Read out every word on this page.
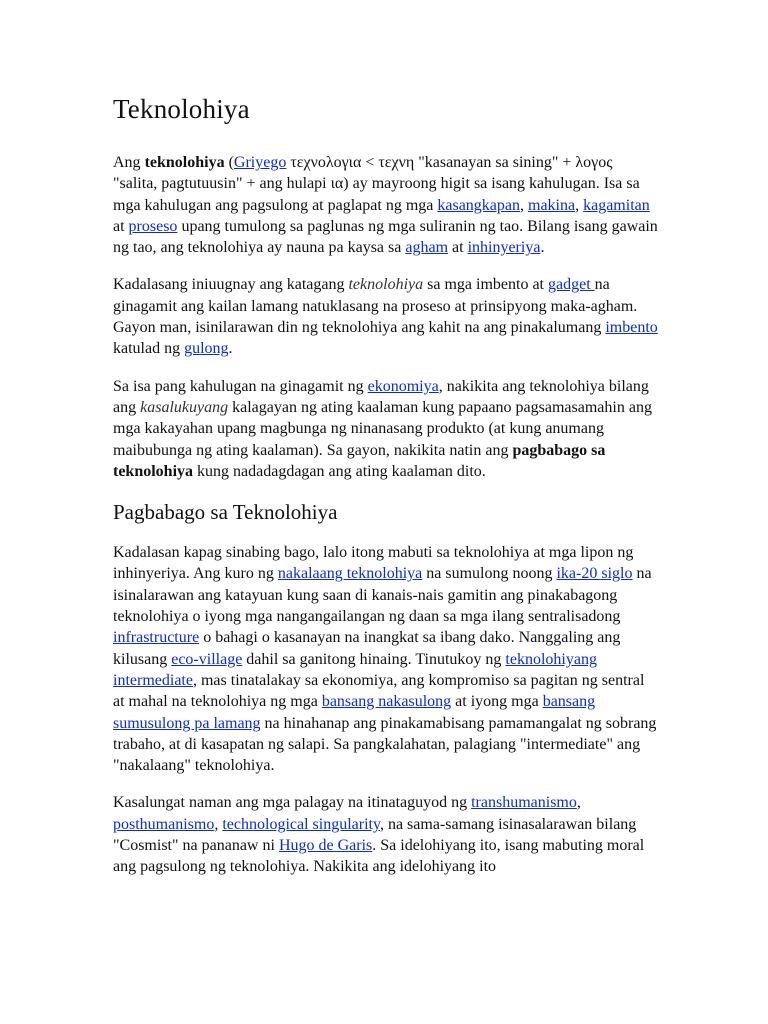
Teknolohiya

Ang teknolohiya (Griyego τεχνολογια < τεχνη "kasanayan sa sining" + λογος "salita, pagtutuusin" + ang hulapi ια) ay mayroong higit sa isang kahulugan. Isa sa mga kahulugan ang pagsulong at paglapat ng mga kasangkapan, makina, kagamitan at proseso upang tumulong sa paglunas ng mga suliranin ng tao. Bilang isang gawain ng tao, ang teknolohiya ay nauna pa kaysa sa agham at inhinyeriya.

Kadalasang iniuugnay ang katagang teknolohiya sa mga imbento at gadget na ginagamit ang kailan lamang natuklasang na proseso at prinsipyong maka-agham. Gayon man, isinilarawan din ng teknolohiya ang kahit na ang pinakalumang imbento katulad ng gulong.

Sa isa pang kahulugan na ginagamit ng ekonomiya, nakikita ang teknolohiya bilang ang kasalukuyang kalagayan ng ating kaalaman kung papaano pagsamasamahin ang mga kakayahan upang magbunga ng ninanasang produkto (at kung anumang maibubunga ng ating kaalaman). Sa gayon, nakikita natin ang pagbabago sa teknolohiya kung nadadagdagan ang ating kaalaman dito.

Pagbabago sa Teknolohiya

Kadalasan kapag sinabing bago, lalo itong mabuti sa teknolohiya at mga lipon ng inhinyeriya. Ang kuro ng nakalaang teknolohiya na sumulong noong ika-20 siglo na isinalarawan ang katayuan kung saan di kanais-nais gamitin ang pinakabagong teknolohiya o iyong mga nangangailangan ng daan sa mga ilang sentralisadong infrastructure o bahagi o kasanayan na inangkat sa ibang dako. Nanggaling ang kilusang eco-village dahil sa ganitong hinaing. Tinutukoy ng teknolohiyang intermediate, mas tinatalakay sa ekonomiya, ang kompromiso sa pagitan ng sentral at mahal na teknolohiya ng mga bansang nakasulong at iyong mga bansang sumusulong pa lamang na hinahanap ang pinakamabisang pamamangalat ng sobrang trabaho, at di kasapatan ng salapi. Sa pangkalahatan, palagiang "intermediate" ang "nakalaang" teknolohiya.

Kasalungat naman ang mga palagay na itinataguyod ng transhumanismo, posthumanismo, technological singularity, na sama-samang isinasalarawan bilang "Cosmist" na pananaw ni Hugo de Garis. Sa idelohiyang ito, isang mabuting moral ang pagsulong ng teknolohiya. Nakikita ang idelohiyang ito
